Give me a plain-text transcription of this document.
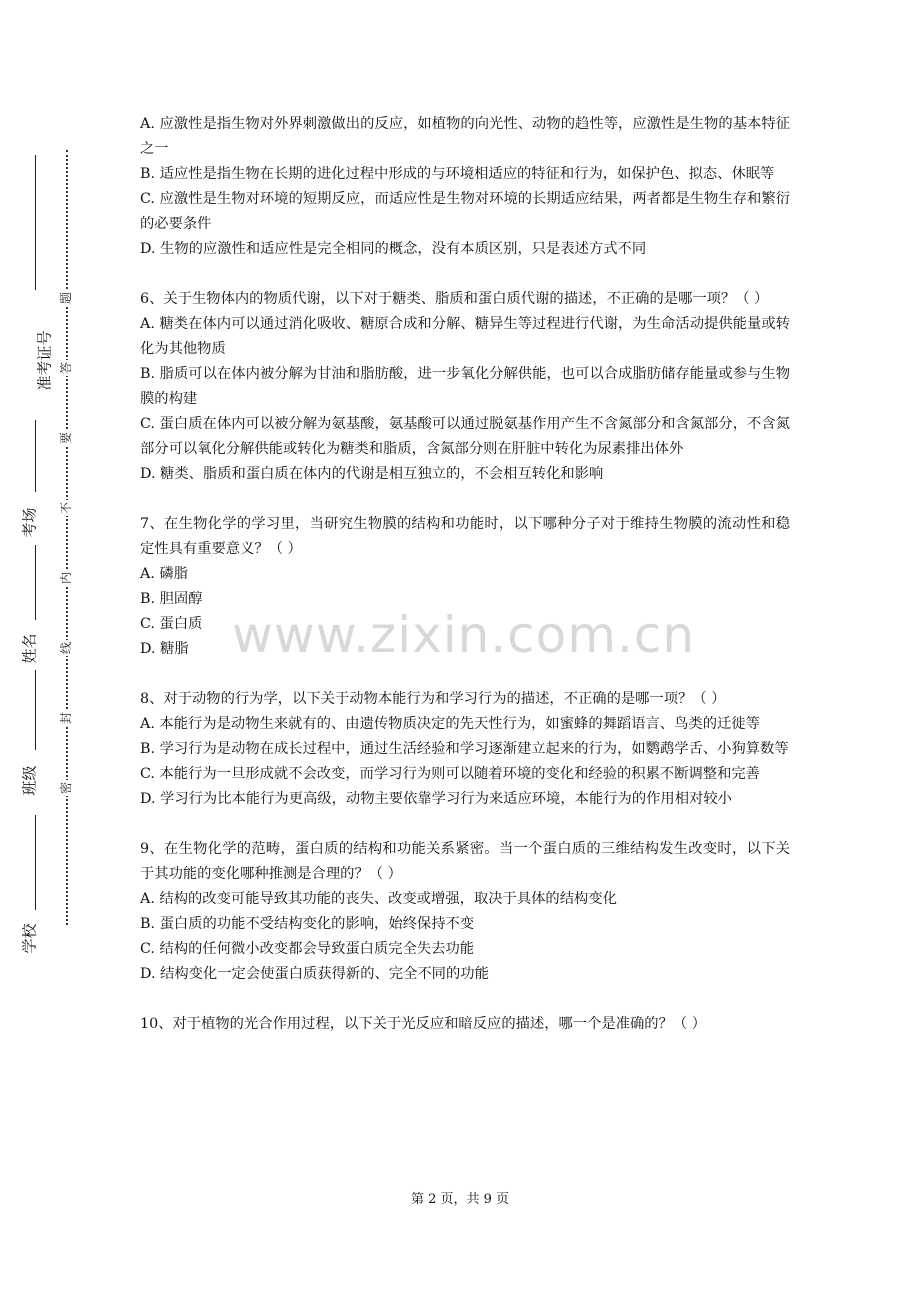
题
答
要
不
内
线
封
密
准考证号
考场
姓名
班级
学校

A. 应激性是指生物对外界刺激做出的反应，如植物的向光性、动物的趋性等，应激性是生物的基本特征之一

B. 适应性是指生物在长期的进化过程中形成的与环境相适应的特征和行为，如保护色、拟态、休眠等

C. 应激性是生物对环境的短期反应，而适应性是生物对环境的长期适应结果，两者都是生物生存和繁衍的必要条件

D. 生物的应激性和适应性是完全相同的概念，没有本质区别，只是表述方式不同

6、关于生物体内的物质代谢，以下对于糖类、脂质和蛋白质代谢的描述，不正确的是哪一项？（ ）

A. 糖类在体内可以通过消化吸收、糖原合成和分解、糖异生等过程进行代谢，为生命活动提供能量或转化为其他物质

B. 脂质可以在体内被分解为甘油和脂肪酸，进一步氧化分解供能，也可以合成脂肪储存能量或参与生物膜的构建

C. 蛋白质在体内可以被分解为氨基酸，氨基酸可以通过脱氨基作用产生不含氮部分和含氮部分，不含氮部分可以氧化分解供能或转化为糖类和脂质，含氮部分则在肝脏中转化为尿素排出体外

D. 糖类、脂质和蛋白质在体内的代谢是相互独立的，不会相互转化和影响

7、在生物化学的学习里，当研究生物膜的结构和功能时，以下哪种分子对于维持生物膜的流动性和稳定性具有重要意义？（ ）

A. 磷脂

B. 胆固醇

C. 蛋白质

D. 糖脂

8、对于动物的行为学，以下关于动物本能行为和学习行为的描述，不正确的是哪一项？（ ）

A. 本能行为是动物生来就有的、由遗传物质决定的先天性行为，如蜜蜂的舞蹈语言、鸟类的迁徙等

B. 学习行为是动物在成长过程中，通过生活经验和学习逐渐建立起来的行为，如鹦鹉学舌、小狗算数等

C. 本能行为一旦形成就不会改变，而学习行为则可以随着环境的变化和经验的积累不断调整和完善

D. 学习行为比本能行为更高级，动物主要依靠学习行为来适应环境，本能行为的作用相对较小

9、在生物化学的范畴，蛋白质的结构和功能关系紧密。当一个蛋白质的三维结构发生改变时，以下关于其功能的变化哪种推测是合理的？（ ）

A. 结构的改变可能导致其功能的丧失、改变或增强，取决于具体的结构变化

B. 蛋白质的功能不受结构变化的影响，始终保持不变

C. 结构的任何微小改变都会导致蛋白质完全失去功能

D. 结构变化一定会使蛋白质获得新的、完全不同的功能

10、对于植物的光合作用过程，以下关于光反应和暗反应的描述，哪一个是准确的？（ ）

www.zixin.com.cn
第 2 页，共 9 页
